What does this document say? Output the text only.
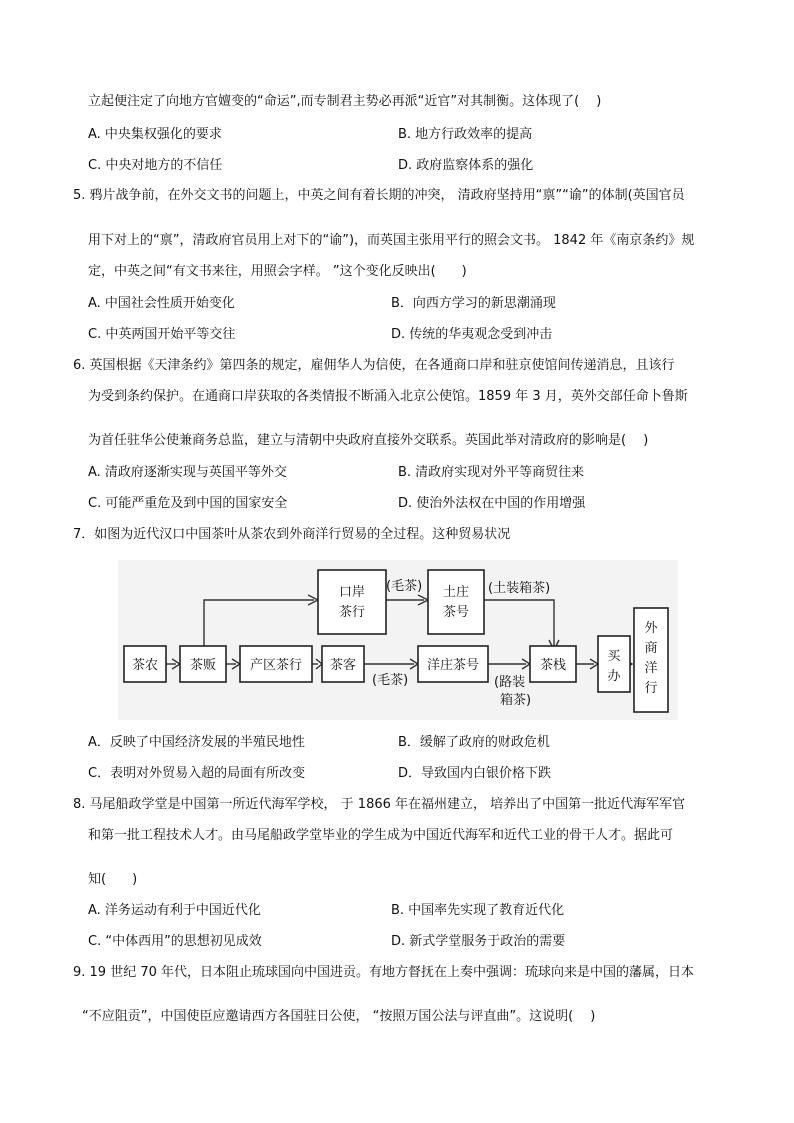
立起便注定了向地方官嬗变的“命运”,而专制君主势必再派“近官”对其制衡。这体现了(　 )
A. 中央集权强化的要求	B. 地方行政效率的提高
C. 中央对地方的不信任	D. 政府监察体系的强化
5. 鸦片战争前，在外交文书的问题上，中英之间有着长期的冲突， 清政府坚持用“禀”“谕”的体制(英国官员
用下对上的“禀”，清政府官员用上对下的“谕”)，而英国主张用平行的照会文书。 1842 年《南京条约》规
定，中英之间“有文书来往，用照会字样。 ”这个变化反映出(　　)
A. 中国社会性质开始变化	B．向西方学习的新思潮涌现
C. 中英两国开始平等交往	D. 传统的华夷观念受到冲击
6. 英国根据《天津条约》第四条的规定，雇佣华人为信使，在各通商口岸和驻京使馆间传递消息，且该行
为受到条约保护。在通商口岸获取的各类情报不断涌入北京公使馆。1859 年 3 月，英外交部任命卜鲁斯
为首任驻华公使兼商务总监，建立与清朝中央政府直接外交联系。英国此举对清政府的影响是(　 )
A. 清政府逐渐实现与英国平等外交	B. 清政府实现对外平等商贸往来
C. 可能严重危及到中国的国家安全	D. 使治外法权在中国的作用增强
7．如图为近代汉口中国茶叶从茶农到外商洋行贸易的全过程。这种贸易状况
茶农 茶贩	产区茶行 茶客
口岸
茶行
土庄
茶号
洋庄茶号	茶栈
买
办
外
商
洋
行
(毛茶)	(土装箱茶)
(毛茶)	(路装
箱茶)
A．反映了中国经济发展的半殖民地性	B．缓解了政府的财政危机
C．表明对外贸易入超的局面有所改变	D．导致国内白银价格下跌
8. 马尾船政学堂是中国第一所近代海军学校， 于 1866 年在福州建立， 培养出了中国第一批近代海军军官
和第一批工程技术人才。由马尾船政学堂毕业的学生成为中国近代海军和近代工业的骨干人才。据此可
知(　　)
A. 洋务运动有利于中国近代化	B. 中国率先实现了教育近代化
C. “中体西用”的思想初见成效	D. 新式学堂服务于政治的需要
9. 19 世纪 70 年代，日本阻止琉球国向中国进贡。有地方督抚在上奏中强调：琉球向来是中国的藩属，日本
“不应阻贡”，中国使臣应邀请西方各国驻日公使， “按照万国公法与评直曲”。这说明(　 )
